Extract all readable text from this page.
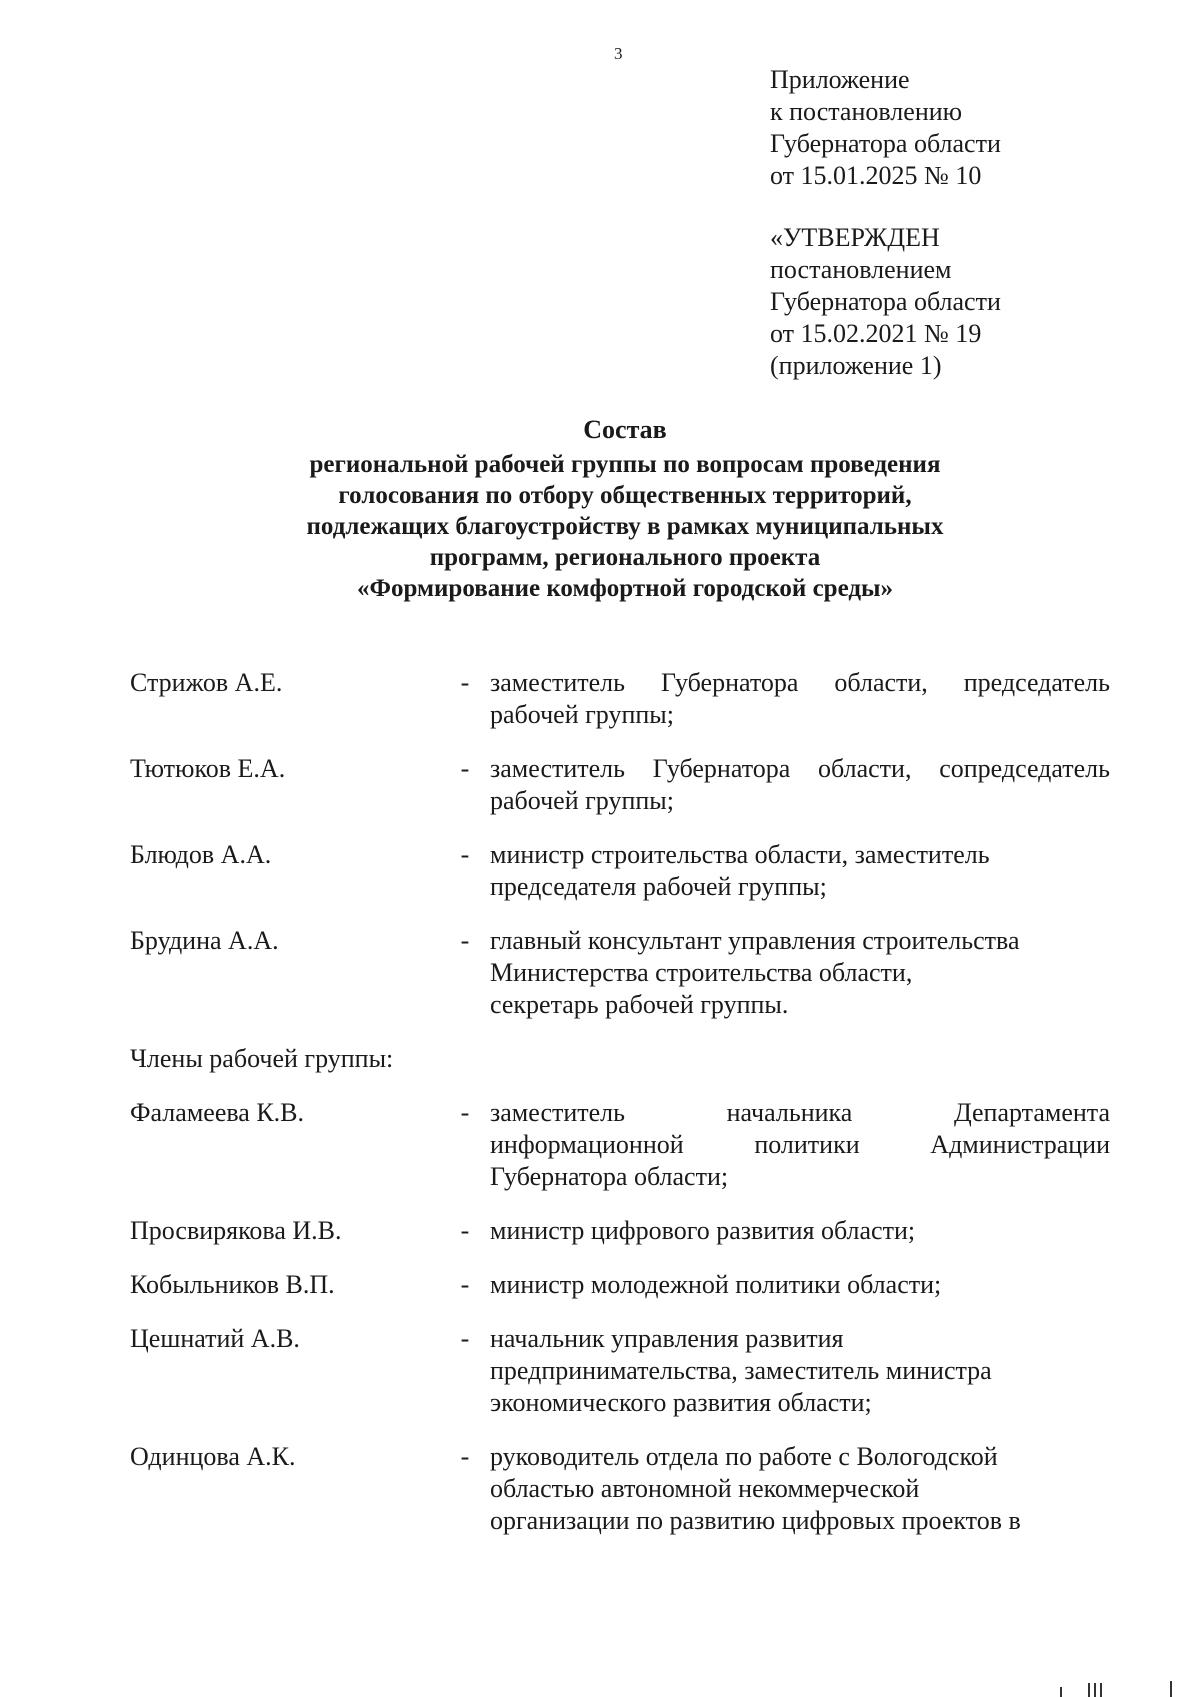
3
Приложение
к постановлению
Губернатора области
от 15.01.2025 № 10
«УТВЕРЖДЕН
постановлением
Губернатора области
от 15.02.2021 № 19
(приложение 1)
Состав
региональной рабочей группы по вопросам проведения
голосования по отбору общественных территорий,
подлежащих благоустройству в рамках муниципальных
программ, регионального проекта
«Формирование комфортной городской среды»
Стрижов А.Е.	- заместитель Губернатора области, председатель
рабочей группы;
Тютюков Е.А.	- заместитель Губернатора области, сопредседатель
рабочей группы;
Блюдов А.А.	- министр строительства области, заместитель
председателя рабочей группы;
Брудина А.А.	- главный консультант управления строительства
Министерства строительства области,
секретарь рабочей группы.
Члены рабочей группы:
Фаламеева К.В.	- заместитель начальника Департамента
информационной политики Администрации
Губернатора области;
Просвирякова И.В.	- министр цифрового развития области;
Кобыльников В.П.	- министр молодежной политики области;
Цешнатий А.В.	- начальник управления развития
предпринимательства, заместитель министра
экономического развития области;
Одинцова А.К.	- руководитель отдела по работе с Вологодской
областью автономной некоммерческой
организации по развитию цифровых проектов в
